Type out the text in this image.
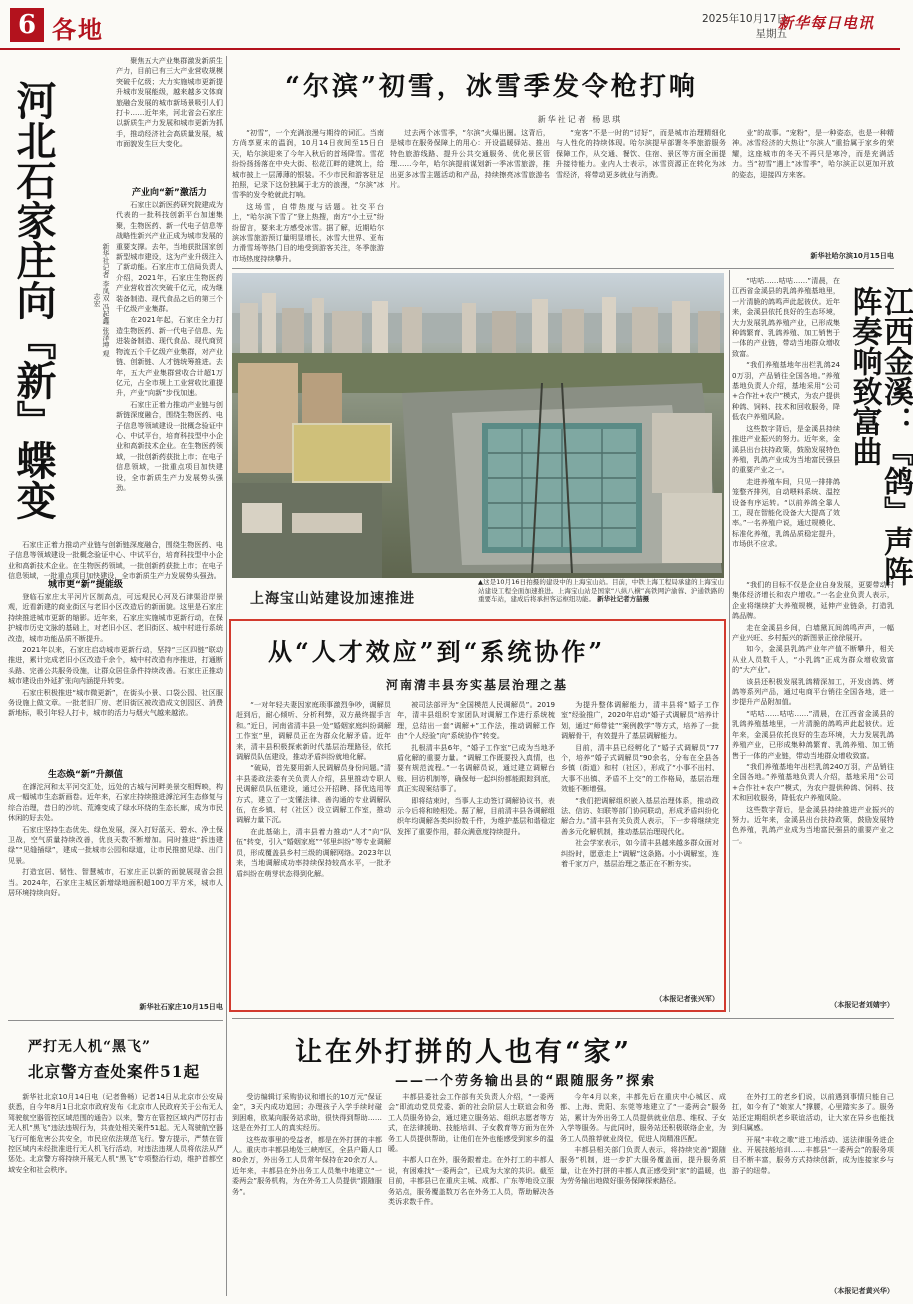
6 各地	2025年10月17日
星期五
新华每日电讯
河北石家庄向『新』蝶变	新华社记者 李凤双 冯起鑫 张泽坤 观志宏

聚焦五大产业集群激发新质生产力，目前已有三大产业营收规模突破千亿级；大力实施城市更新提升城市发展能级，越来越多文体商旅融合发展的城市新场景吸引人们打卡……近年来，河北省会石家庄以新质生产力发展和城市更新为抓手，推动经济社会高质量发展，城市面貌发生巨大变化。

产业向“新”激活力

石家庄以新医药研究院建成为代表的一批科技创新平台加速集聚，生物医药、新一代电子信息等战略性新兴产业正成为城市发展的重要支撑。去年，当地获批国家创新型城市建设，这为产业升级注入了新动能。石家庄市工信局负责人介绍，2021年，石家庄生物医药产业营收首次突破千亿元，成为继装备制造、现代食品之后的第三个千亿级产业集群。

在2021年起，石家庄全力打造生物医药、新一代电子信息、先进装备制造、现代食品、现代商贸物流五个千亿级产业集群，对产业链、创新链、人才链统筹推进。去年，五大产业集群营收合计超1万亿元，占全市规上工业营收比重提升，产业“向新”步伐加速。

石家庄正着力推动产业链与创新链深度融合，围绕生物医药、电子信息等领域建设一批概念验证中心、中试平台，培育科技型中小企业和高新技术企业。在生物医药领域，一批创新药获批上市；在电子信息领域，一批重点项目加快建设，全市新质生产力发展势头强劲。

石家庄正着力推动产业链与创新链深度融合，围绕生物医药、电子信息等领域建设一批概念验证中心、中试平台，培育科技型中小企业和高新技术企业。在生物医药领域，一批创新药获批上市；在电子信息领域，一批重点项目加快建设，全市新质生产力发展势头强劲。

城市更“新”提能级

登临石家庄太平河片区制高点，可远观民心河及石津渠沿岸景观，近看新建的商业街区与老旧小区改造后的新面貌。这里是石家庄持续推进城市更新的缩影。近年来，石家庄实施城市更新行动，在保护城市历史文脉的基础上，对老旧小区、老旧街区、城中村进行系统改造，城市功能品质不断提升。

2021年以来，石家庄启动城市更新行动，坚持“三区四链”联动推进，累计完成老旧小区改造千余个，城中村改造有序推进，打通断头路、完善公共服务设施，让群众居住条件持续改善。石家庄正推动城市建设由外延扩张向内涵提升转变。

石家庄积极推进“城市微更新”，在街头小景、口袋公园、社区服务设施上做文章。一批老旧厂房、老旧街区被改造成文创园区、消费新地标，吸引年轻人打卡，城市的活力与烟火气越来越浓。

生态焕“新”升颜值

在滹沱河和太平河交汇处，远处的古城与河畔美景交相辉映，构成一幅城市生态新画卷。近年来，石家庄持续推进滹沱河生态修复与综合治理，昔日的沙坑、荒滩变成了绿水环绕的生态长廊，成为市民休闲的好去处。

石家庄坚持生态优先、绿色发展，深入打好蓝天、碧水、净土保卫战，空气质量持续改善，优良天数不断增加。同时推进“拆违建绿”“见缝插绿”，建成一批城市公园和绿道，让市民推窗见绿、出门见景。

打造宜居、韧性、智慧城市，石家庄正以新的面貌展现省会担当。2024年，石家庄主城区新增绿地面积超100万平方米，城市人居环境持续向好。

新华社石家庄10月15日电
严打无人机“黑飞”
北京警方查处案件51起

新华社北京10月14日电（记者鲁畅）记者14日从北京市公安局获悉，自今年8月1日北京市政府发布《北京市人民政府关于公布无人驾驶航空器管控区域范围的通告》以来，警方在管控区域内严厉打击无人机“黑飞”违法违规行为，共查处相关案件51起。无人驾驶航空器飞行可能危害公共安全，市民应依法规范飞行。警方提示，严禁在管控区域内未经批准进行无人机飞行活动，对违法违规人员将依法从严惩处。北京警方将持续开展无人机“黑飞”专项整治行动，维护首都空域安全和社会秩序。

“尔滨”初雪，冰雪季发令枪打响
新华社记者 杨思琪

“初雪”，一个充满浪漫与期待的词汇。当南方尚享夏末的温润，10月14日夜间至15日白天，哈尔滨迎来了今年入秋后的首场降雪。雪花纷纷扬扬落在中央大街、松花江畔的建筑上，给城市披上一层薄薄的银装。不少市民和游客驻足拍照，记录下这份独属于北方的浪漫，“尔滨”冰雪季的发令枪就此打响。

这场雪，自带热度与话题。社交平台上，“哈尔滨下雪了”登上热搜，南方“小土豆”纷纷留言，要来北方感受冰雪。据了解，近期哈尔滨冰雪旅游预订量明显增长，冰雪大世界、亚布力滑雪场等热门目的地受到游客关注，冬季旅游市场热度持续攀升。

过去两个冰雪季，“尔滨”火爆出圈。这背后，是城市在服务保障上的用心：开设温暖驿站、推出特色旅游线路、提升公共交通服务、优化景区管理……今年，哈尔滨提前谋划新一季冰雪旅游，推出更多冰雪主题活动和产品，持续擦亮冰雪旅游名片。

“宠客”不是一时的“讨好”，而是城市治理精细化与人性化的持续体现。哈尔滨提早部署冬季旅游服务保障工作，从交通、餐饮、住宿、景区等方面全面提升接待能力。业内人士表示，冰雪资源正在转化为冰雪经济，将带动更多就业与消费。

业”的故事。“宠粉”，是一种姿态，也是一种精神。冰雪经济的大热让“尔滨人”重拾属于家乡的荣耀，这座城市的冬天不再只是寒冷，而是充满活力。当“初雪”遇上“冰雪季”，哈尔滨正以更加开放的姿态，迎接四方来客。

新华社哈尔滨10月15日电
上海宝山站建设加速推进
▲这是10月16日拍摄的建设中的上海宝山站。目前，中铁上海工程局承建的上海宝山站建设工程全面加速推进。上海宝山站是国家“八纵八横”高铁网沪渝蓉、沪通铁路的重要车站，建成后将承担客运枢纽功能。 新华社记者方喆摄

“咕咕……咕咕……”清晨，在江西省金溪县的乳鸽养殖基地里，一片清脆的鸽鸣声此起彼伏。近年来，金溪县依托良好的生态环境，大力发展乳鸽养殖产业，已形成集种鸽繁育、乳鸽养殖、加工销售于一体的产业链，带动当地群众增收致富。

“我们养殖基地年出栏乳鸽240万羽，产品销往全国各地。”养殖基地负责人介绍，基地采用“公司+合作社+农户”模式，为农户提供种鸽、饲料、技术和回收服务，降低农户养殖风险。

这些数字背后，是金溪县持续推进产业振兴的努力。近年来，金溪县出台扶持政策，鼓励发展特色养殖，乳鸽产业成为当地富民强县的重要产业之一。

走进养殖车间，只见一排排鸽笼整齐排列，自动喂料系统、温控设备有序运转。“以前养鸽全靠人工，现在智能化设备大大提高了效率。”一名养殖户说，通过规模化、标准化养殖，乳鸽品质稳定提升，市场供不应求。	江西金溪：『鸽』声阵阵奏响致富曲

“我们的目标不仅是企业自身发展，更要带动村集体经济增长和农户增收。”一名企业负责人表示，企业将继续扩大养殖规模，延伸产业链条，打造乳鸽品牌。

走在金溪县乡间，白墙黛瓦间鸽鸣声声，一幅产业兴旺、乡村振兴的新图景正徐徐展开。

如今，金溪县乳鸽产业年产值不断攀升，相关从业人员数千人，“小乳鸽”正成为群众增收致富的“大产业”。

该县还积极发展乳鸽精深加工，开发卤鸽、烤鸽等系列产品，通过电商平台销往全国各地，进一步提升产品附加值。

“咕咕……咕咕……”清晨，在江西省金溪县的乳鸽养殖基地里，一片清脆的鸽鸣声此起彼伏。近年来，金溪县依托良好的生态环境，大力发展乳鸽养殖产业，已形成集种鸽繁育、乳鸽养殖、加工销售于一体的产业链，带动当地群众增收致富。

“我们养殖基地年出栏乳鸽240万羽，产品销往全国各地。”养殖基地负责人介绍，基地采用“公司+合作社+农户”模式，为农户提供种鸽、饲料、技术和回收服务，降低农户养殖风险。

这些数字背后，是金溪县持续推进产业振兴的努力。近年来，金溪县出台扶持政策，鼓励发展特色养殖，乳鸽产业成为当地富民强县的重要产业之一。

（本报记者刘婧宇）
从“人才效应”到“系统协作”
河南清丰县夯实基层治理之基

“一对年轻夫妻因家庭琐事激烈争吵，调解员赶到后，耐心倾听、分析利弊，双方最终握手言和。”近日，河南省清丰县一处“婚姻家庭纠纷调解工作室”里，调解员正在为群众化解矛盾。近年来，清丰县积极探索新时代基层治理路径，依托调解员队伍建设，推动矛盾纠纷就地化解。

“破局，首先要用新人民调解员身份问题。”清丰县委政法委有关负责人介绍，县里推动专职人民调解员队伍建设，通过公开招聘、择优选用等方式，建立了一支懂法律、善沟通的专业调解队伍，在乡镇、村（社区）设立调解工作室，推动调解力量下沉。

在此基础上，清丰县着力推动“人才”向“队伍”转变，引入“婚姻家庭”“邻里纠纷”等专业调解员，形成覆盖县乡村三级的调解网络。2023年以来，当地调解成功率持续保持较高水平，一批矛盾纠纷在萌芽状态得到化解。

被司法部评为“全国模范人民调解员”。2019年，清丰县组织专家团队对调解工作进行系统梳理，总结出一套“调解+”工作法，推动调解工作由“个人经验”向“系统协作”转变。

扎根清丰县6年，“婚子工作室”已成为当地矛盾化解的重要力量。“调解工作既要投入真情，也要有规范流程。”一名调解员说，通过建立调解台账、回访机制等，确保每一起纠纷都能跟踪到底，真正实现案结事了。

即将结束时，当事人主动签订调解协议书，表示今后将和睦相处。据了解，目前清丰县各调解组织年均调解各类纠纷数千件，为维护基层和谐稳定发挥了重要作用，群众满意度持续提升。

为提升整体调解能力，清丰县将“婚子工作室”经验推广，2020年启动“婚子式调解员”培养计划，通过“师带徒”“案例教学”等方式，培养了一批调解骨干，有效提升了基层调解能力。

目前，清丰县已经孵化了“婚子式调解员”77个，培养“婚子式调解员”90余名，分布在全县各乡镇（街道）和村（社区），形成了“小事不出村、大事不出镇、矛盾不上交”的工作格局，基层治理效能不断增强。

“我们把调解组织嵌入基层治理体系，推动政法、信访、妇联等部门协同联动，形成矛盾纠纷化解合力。”清丰县有关负责人表示，下一步将继续完善多元化解机制，推动基层治理现代化。

社会学家表示，如今清丰县越来越多群众面对纠纷时，愿意走上“调解”这条路。小小调解室，连着千家万户，基层治理之基正在不断夯实。

（本报记者张兴军）
让在外打拼的人也有“家”
——一个劳务输出县的“跟随服务”探索

受访编辑订采购协议和增长的10万元“保证金”，3天内成功追回；办理孩子入学手续时碰到困难，欧某向服务站求助，很快得到帮助……这是在外打工人的真实经历。

这些故事里的受益者，都是在外打拼的丰都人。重庆市丰都县地处三峡库区，全县户籍人口80余万，外出务工人员常年保持在20余万人。近年来，丰都县在外出务工人员集中地建立“一委两会”服务机构，为在外务工人员提供“跟随服务”。

丰都县委社会工作部有关负责人介绍，“一委两会”即流动党员党委、新的社会阶层人士联谊会和务工人员服务协会，通过建立服务站、组织志愿者等方式，在法律援助、技能培训、子女教育等方面为在外务工人员提供帮助，让他们在外也能感受到家乡的温暖。

丰都人口在外，服务跟着走。在外打工的丰都人说，有困难找“一委两会”，已成为大家的共识。截至目前，丰都县已在重庆主城、成都、广东等地设立服务站点，服务覆盖数万名在外务工人员，帮助解决各类诉求数千件。

今年4月以来，丰都先后在重庆中心城区、成都、上海、贵阳、东莞等地建立了“一委两会”服务站，累计为外出务工人员提供就业信息、维权、子女入学等服务。与此同时，服务站还积极联络企业，为务工人员推荐就业岗位，促进人岗精准匹配。

丰都县相关部门负责人表示，将持续完善“跟随服务”机制，进一步扩大服务覆盖面，提升服务质量，让在外打拼的丰都人真正感受到“家”的温暖，也为劳务输出地做好服务保障探索路径。

在外打工的老乡们说，以前遇到事情只能自己扛，如今有了“娘家人”撑腰，心里踏实多了。服务站还定期组织老乡联谊活动，让大家在异乡也能找到归属感。

开展“丰收之歌”进工地活动、送法律服务进企业、开展技能培训……丰都县“一委两会”的服务项目不断丰富，服务方式持续创新，成为连接家乡与游子的纽带。

（本报记者黄兴华）
